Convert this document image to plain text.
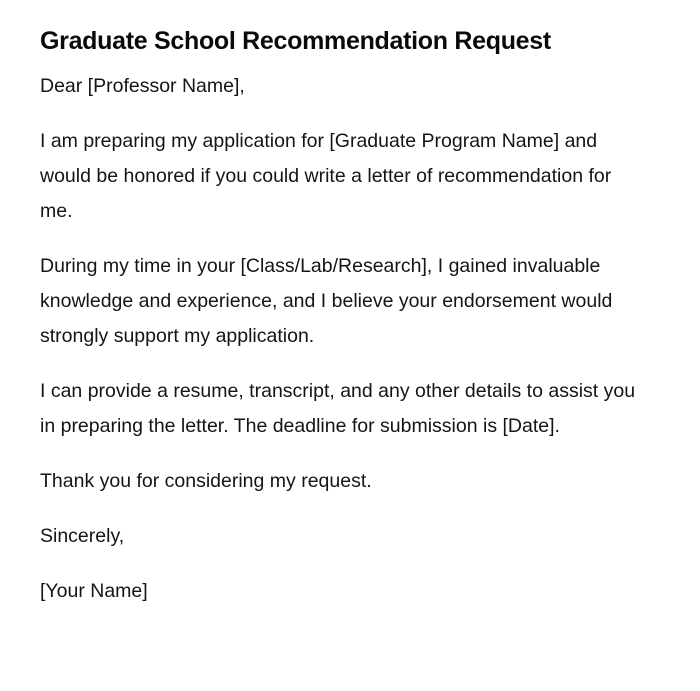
Graduate School Recommendation Request

Dear [Professor Name],

I am preparing my application for [Graduate Program Name] and would be honored if you could write a letter of recommendation for me.

During my time in your [Class/Lab/Research], I gained invaluable knowledge and experience, and I believe your endorsement would strongly support my application.

I can provide a resume, transcript, and any other details to assist you in preparing the letter. The deadline for submission is [Date].

Thank you for considering my request.

Sincerely,

[Your Name]
